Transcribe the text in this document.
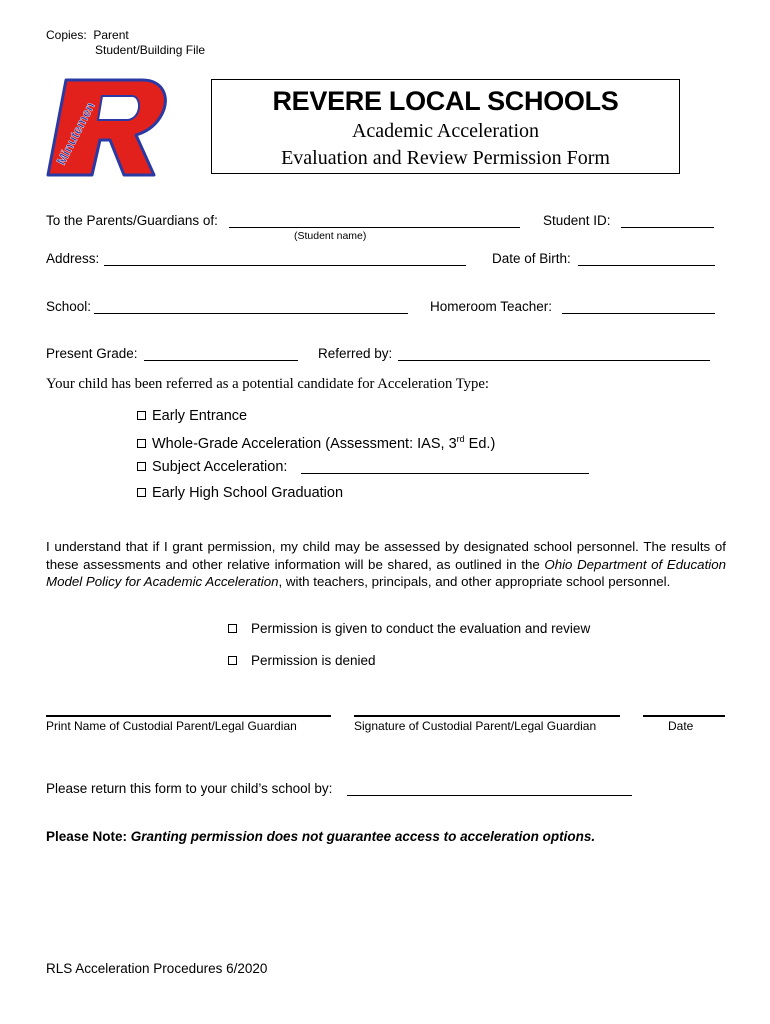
Copies: Parent
Student/Building File
Minutemen	REVERE LOCAL SCHOOLS
Academic Acceleration
Evaluation and Review Permission Form
To the Parents/Guardians of:
(Student name)
Student ID:
Address:	Date of Birth:
School:	Homeroom Teacher:
Present Grade:	Referred by:
Your child has been referred as a potential candidate for Acceleration Type:
Early Entrance
Whole-Grade Acceleration (Assessment: IAS, 3rd Ed.)
Subject Acceleration:
Early High School Graduation
I understand that if I grant permission, my child may be assessed by designated school personnel. The results of these assessments and other relative information will be shared, as outlined in the Ohio Department of Education Model Policy for Academic Acceleration, with teachers, principals, and other appropriate school personnel.
Permission is given to conduct the evaluation and review
Permission is denied
Print Name of Custodial Parent/Legal Guardian	Signature of Custodial Parent/Legal Guardian	Date
Please return this form to your child’s school by:
Please Note: Granting permission does not guarantee access to acceleration options.
RLS Acceleration Procedures 6/2020
